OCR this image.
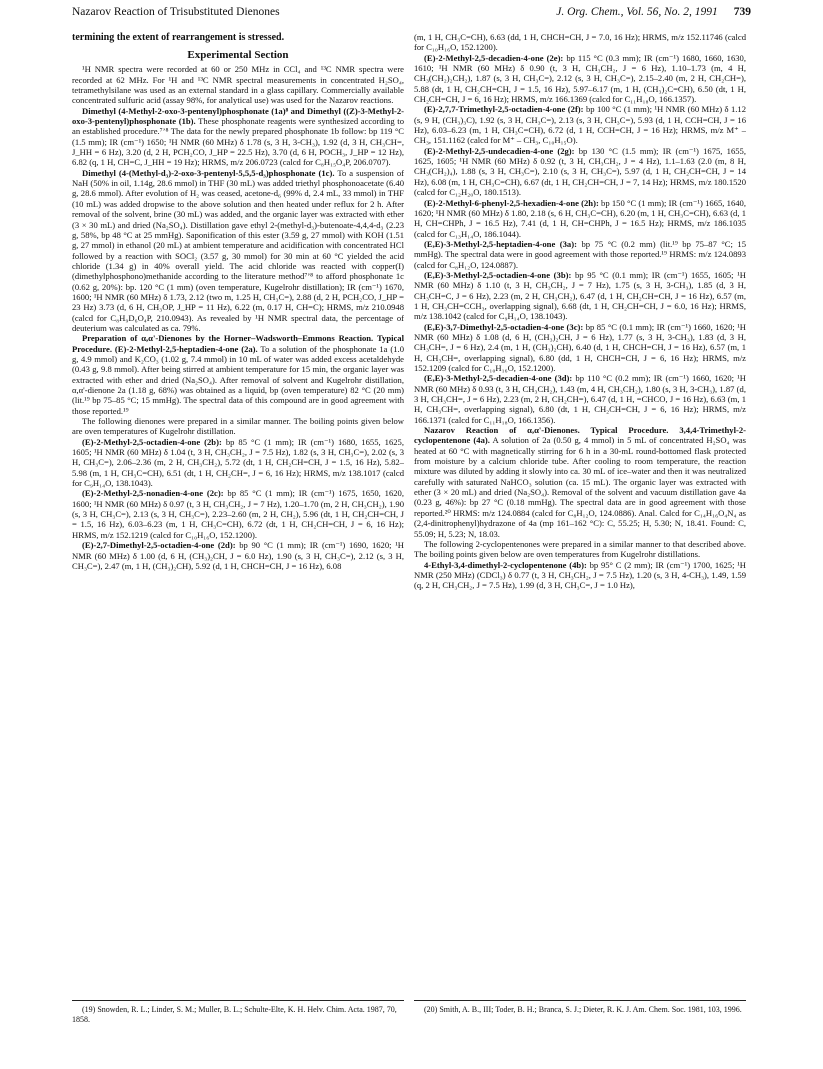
Nazarov Reaction of Trisubstituted Dienones	J. Org. Chem., Vol. 56, No. 2, 1991 739

termining the extent of rearrangement is stressed.

Experimental Section

¹H NMR spectra were recorded at 60 or 250 MHz in CCl₄ and ¹³C NMR spectra were recorded at 62 MHz. For ¹H and ¹³C NMR spectral measurements in concentrated H₂SO₄, tetramethylsilane was used as an external standard in a glass capillary. Commercially available concentrated sulfuric acid (assay 98%, for analytical use) was used for the Nazarov reactions.

Dimethyl (4-Methyl-2-oxo-3-pentenyl)phosphonate (1a)⁸ and Dimethyl ((Z)-3-Methyl-2-oxo-3-pentenyl)phosphonate (1b). These phosphonate reagents were synthesized according to an established procedure.⁷ʼ⁸ The data for the newly prepared phosphonate 1b follow: bp 119 °C (1.5 mm); IR (cm⁻¹) 1650; ¹H NMR (60 MHz) δ 1.78 (s, 3 H, 3-CH₃), 1.92 (d, 3 H, CH₃CH=, J_HH = 6 Hz), 3.20 (d, 2 H, PCH₂CO, J_HP = 22.5 Hz), 3.70 (d, 6 H, POCH₃, J_HP = 12 Hz), 6.82 (q, 1 H, CH=C, J_HH = 19 Hz); HRMS, m/z 206.0723 (calcd for C₈H₁₅O₄P, 206.0707).

Dimethyl (4-(Methyl-d₃)-2-oxo-3-pentenyl-5,5,5-d₃)phosphonate (1c). To a suspension of NaH (50% in oil, 1.14g, 28.6 mmol) in THF (30 mL) was added triethyl phosphonoacetate (6.40 g, 28.6 mmol). After evolution of H₂ was ceased, acetone-d₆ (99% d, 2.4 mL, 33 mmol) in THF (10 mL) was added dropwise to the above solution and then heated under reflux for 2 h. After removal of the solvent, brine (30 mL) was added, and the organic layer was extracted with ether (3 × 30 mL) and dried (Na₂SO₄). Distillation gave ethyl 2-(methyl-d₃)-butenoate-4,4,4-d₃ (2.23 g, 58%, bp 48 °C at 25 mmHg). Saponification of this ester (3.59 g, 27 mmol) with KOH (1.51 g, 27 mmol) in ethanol (20 mL) at ambient temperature and acidification with concentrated HCl followed by a reaction with SOCl₂ (3.57 g, 30 mmol) for 30 min at 60 °C yielded the acid chloride (1.34 g) in 40% overall yield. The acid chloride was reacted with copper(I) (dimethylphosphono)methanide according to the literature method⁷ʼ⁸ to afford phosphonate 1c (0.62 g, 20%): bp. 120 °C (1 mm) (oven temperature, Kugelrohr distillation); IR (cm⁻¹) 1670, 1600; ¹H NMR (60 MHz) δ 1.73, 2.12 (two m, 1.25 H, CH₃C=), 2.88 (d, 2 H, PCH₂CO, J_HP = 23 Hz) 3.73 (d, 6 H, CH₃OP, J_HP = 11 Hz), 6.22 (m, 0.17 H, CH=C); HRMS, m/z 210.0948 (calcd for C₈H₉D₆O₄P, 210.0943). As revealed by ¹H NMR spectral data, the percentage of deuterium was calculated as ca. 79%.

Preparation of α,α'-Dienones by the Horner–Wadsworth–Emmons Reaction. Typical Procedure. (E)-2-Methyl-2,5-heptadien-4-one (2a). To a solution of the phosphonate 1a (1.0 g, 4.9 mmol) and K₂CO₃ (1.02 g, 7.4 mmol) in 10 mL of water was added excess acetaldehyde (0.43 g, 9.8 mmol). After being stirred at ambient temperature for 15 min, the organic layer was extracted with ether and dried (Na₂SO₄). After removal of solvent and Kugelrohr distillation, α,α'-dienone 2a (1.18 g, 68%) was obtained as a liquid, bp (oven temperature) 82 °C (20 mm) (lit.¹⁹ bp 75–85 °C; 15 mmHg). The spectral data of this compound are in good agreement with those reported.¹⁹

The following dienones were prepared in a similar manner. The boiling points given below are oven temperatures of Kugelrohr distillation.

(E)-2-Methyl-2,5-octadien-4-one (2b): bp 85 °C (1 mm); IR (cm⁻¹) 1680, 1655, 1625, 1605; ¹H NMR (60 MHz) δ 1.04 (t, 3 H, CH₃CH₂, J = 7.5 Hz), 1.82 (s, 3 H, CH₃C=), 2.02 (s, 3 H, CH₃C=), 2.06–2.36 (m, 2 H, CH₃CH₂), 5.72 (dt, 1 H, CH₂CH=CH, J = 1.5, 16 Hz), 5.82–5.98 (m, 1 H, CH₃C=CH), 6.51 (dt, 1 H, CH₂CH=, J = 6, 16 Hz); HRMS, m/z 138.1017 (calcd for C₉H₁₄O, 138.1043).

(E)-2-Methyl-2,5-nonadien-4-one (2c): bp 85 °C (1 mm); IR (cm⁻¹) 1675, 1650, 1620, 1600; ¹H NMR (60 MHz) δ 0.97 (t, 3 H, CH₃CH₂, J = 7 Hz), 1.20–1.70 (m, 2 H, CH₃CH₂), 1.90 (s, 3 H, CH₃C=), 2.13 (s, 3 H, CH₃C=), 2.23–2.60 (m, 2 H, CH₂), 5.96 (dt, 1 H, CH₂CH=CH, J = 1.5, 16 Hz), 6.03–6.23 (m, 1 H, CH₃C=CH), 6.72 (dt, 1 H, CH₂CH=CH, J = 6, 16 Hz); HRMS, m/z 152.1219 (calcd for C₁₀H₁₆O, 152.1200).

(E)-2,7-Dimethyl-2,5-octadien-4-one (2d): bp 90 °C (1 mm); IR (cm⁻¹) 1690, 1620; ¹H NMR (60 MHz) δ 1.00 (d, 6 H, (CH₃)₂CH, J = 6.0 Hz), 1.90 (s, 3 H, CH₃C=), 2.12 (s, 3 H, CH₃C=), 2.47 (m, 1 H, (CH₃)₂CH), 5.92 (d, 1 H, CHCH=CH, J = 16 Hz), 6.08

(m, 1 H, CH₃C=CH), 6.63 (dd, 1 H, CHCH=CH, J = 7.0, 16 Hz); HRMS, m/z 152.11746 (calcd for C₁₀H₁₆O, 152.1200).

(E)-2-Methyl-2,5-decadien-4-one (2e): bp 115 °C (0.3 mm); IR (cm⁻¹) 1680, 1660, 1630, 1610; ¹H NMR (60 MHz) δ 0.90 (t, 3 H, CH₃CH₂, J = 6 Hz), 1.10–1.73 (m, 4 H, CH₃(CH₂)₂CH₂), 1.87 (s, 3 H, CH₃C=), 2.12 (s, 3 H, CH₃C=), 2.15–2.40 (m, 2 H, CH₂CH=), 5.88 (dt, 1 H, CH₂CH=CH, J = 1.5, 16 Hz), 5.97–6.17 (m, 1 H, (CH₃)₂C=CH), 6.50 (dt, 1 H, CH₂CH=CH, J = 6, 16 Hz); HRMS, m/z 166.1369 (calcd for C₁₁H₁₈O, 166.1357).

(E)-2,7,7-Trimethyl-2,5-octadien-4-one (2f): bp 100 °C (1 mm); ¹H NMR (60 MHz) δ 1.12 (s, 9 H, (CH₃)₃C), 1.92 (s, 3 H, CH₃C=), 2.13 (s, 3 H, CH₃C=), 5.93 (d, 1 H, CCH=CH, J = 16 Hz), 6.03–6.23 (m, 1 H, CH₃C=CH), 6.72 (d, 1 H, CCH=CH, J = 16 Hz); HRMS, m/z M⁺ – CH₃, 151.1162 (calcd for M⁺ – CH₃, C₁₀H₁₅O).

(E)-2-Methyl-2,5-undecadien-4-one (2g): bp 130 °C (1.5 mm); IR (cm⁻¹) 1675, 1655, 1625, 1605; ¹H NMR (60 MHz) δ 0.92 (t, 3 H, CH₃CH₂, J = 4 Hz), 1.1–1.63 (2.0 (m, 8 H, CH₃(CH₂)₄), 1.88 (s, 3 H, CH₃C=), 2.10 (s, 3 H, CH₃C=), 5.97 (d, 1 H, CH₂CH=CH, J = 14 Hz), 6.08 (m, 1 H, CH₃C=CH), 6.67 (dt, 1 H, CH₂CH=CH, J = 7, 14 Hz); HRMS, m/z 180.1520 (calcd for C₁₂H₂₀O, 180.1513).

(E)-2-Methyl-6-phenyl-2,5-hexadien-4-one (2h): bp 150 °C (1 mm); IR (cm⁻¹) 1665, 1640, 1620; ¹H NMR (60 MHz) δ 1.80, 2.18 (s, 6 H, CH₃C=CH), 6.20 (m, 1 H, CH₃C=CH), 6.63 (d, 1 H, CH=CHPh, J = 16.5 Hz), 7.41 (d, 1 H, CH=CHPh, J = 16.5 Hz); HRMS, m/z 186.1035 (calcd for C₁₃H₁₄O, 186.1044).

(E,E)-3-Methyl-2,5-heptadien-4-one (3a): bp 75 °C (0.2 mm) (lit.¹⁹ bp 75–87 °C; 15 mmHg). The spectral data were in good agreement with those reported.¹⁹ HRMS: m/z 124.0893 (calcd for C₈H₁₂O, 124.0887).

(E,E)-3-Methyl-2,5-octadien-4-one (3b): bp 95 °C (0.1 mm); IR (cm⁻¹) 1655, 1605; ¹H NMR (60 MHz) δ 1.10 (t, 3 H, CH₃CH₂, J = 7 Hz), 1.75 (s, 3 H, 3-CH₃), 1.85 (d, 3 H, CH₃CH=C, J = 6 Hz), 2.23 (m, 2 H, CH₃CH₂), 6.47 (d, 1 H, CH₂CH=CH, J = 16 Hz), 6.57 (m, 1 H, CH₃CH=CCH₃, overlapping signal), 6.68 (dt, 1 H, CH₂CH=CH, J = 6.0, 16 Hz); HRMS, m/z 138.1042 (calcd for C₉H₁₄O, 138.1043).

(E,E)-3,7-Dimethyl-2,5-octadien-4-one (3c): bp 85 °C (0.1 mm); IR (cm⁻¹) 1660, 1620; ¹H NMR (60 MHz) δ 1.08 (d, 6 H, (CH₃)₂CH, J = 6 Hz), 1.77 (s, 3 H, 3-CH₃), 1.83 (d, 3 H, CH₃CH=, J = 6 Hz), 2.4 (m, 1 H, (CH₃)₂CH), 6.40 (d, 1 H, CHCH=CH, J = 16 Hz), 6.57 (m, 1 H, CH₃CH=, overlapping signal), 6.80 (dd, 1 H, CHCH=CH, J = 6, 16 Hz); HRMS, m/z 152.1209 (calcd for C₁₀H₁₆O, 152.1200).

(E,E)-3-Methyl-2,5-decadien-4-one (3d): bp 110 °C (0.2 mm); IR (cm⁻¹) 1660, 1620; ¹H NMR (60 MHz) δ 0.93 (t, 3 H, CH₃CH₂), 1.43 (m, 4 H, CH₃CH₂), 1.80 (s, 3 H, 3-CH₃), 1.87 (d, 3 H, CH₃CH=, J = 6 Hz), 2.23 (m, 2 H, CH₂CH=), 6.47 (d, 1 H, =CHCO, J = 16 Hz), 6.63 (m, 1 H, CH₃CH=, overlapping signal), 6.80 (dt, 1 H, CH₂CH=CH, J = 6, 16 Hz); HRMS, m/z 166.1371 (calcd for C₁₁H₁₈O, 166.1356).

Nazarov Reaction of α,α'-Dienones. Typical Procedure. 3,4,4-Trimethyl-2-cyclopentenone (4a). A solution of 2a (0.50 g, 4 mmol) in 5 mL of concentrated H₂SO₄ was heated at 60 °C with magnetically stirring for 6 h in a 30-mL round-bottomed flask protected from moisture by a calcium chloride tube. After cooling to room temperature, the reaction mixture was diluted by adding it slowly into ca. 30 mL of ice–water and then it was neutralized carefully with saturated NaHCO₃ solution (ca. 15 mL). The organic layer was extracted with ether (3 × 20 mL) and dried (Na₂SO₄). Removal of the solvent and vacuum distillation gave 4a (0.23 g, 46%): bp 27 °C (0.18 mmHg). The spectral data are in good agreement with those reported.²⁰ HRMS: m/z 124.0884 (calcd for C₈H₁₂O, 124.0886). Anal. Calcd for C₁₄H₁₆O₄N₄ as (2,4-dinitrophenyl)hydrazone of 4a (mp 161–162 °C): C, 55.25; H, 5.30; N, 18.41. Found: C, 55.09; H, 5.23; N, 18.03.

The following 2-cyclopentenones were prepared in a similar manner to that described above. The boiling points given below are oven temperatures from Kugelrohr distillations.

4-Ethyl-3,4-dimethyl-2-cyclopentenone (4b): bp 95° C (2 mm); IR (cm⁻¹) 1700, 1625; ¹H NMR (250 MHz) (CDCl₃) δ 0.77 (t, 3 H, CH₃CH₂, J = 7.5 Hz), 1.20 (s, 3 H, 4-CH₃), 1.49, 1.59 (q, 2 H, CH₃CH₂, J = 7.5 Hz), 1.99 (d, 3 H, CH₃C=, J = 1.0 Hz),

(19) Snowden, R. L.; Linder, S. M.; Muller, B. L.; Schulte-Elte, K. H. Helv. Chim. Acta. 1987, 70, 1858.
(20) Smith, A. B., III; Toder, B. H.; Branca, S. J.; Dieter, R. K. J. Am. Chem. Soc. 1981, 103, 1996.
